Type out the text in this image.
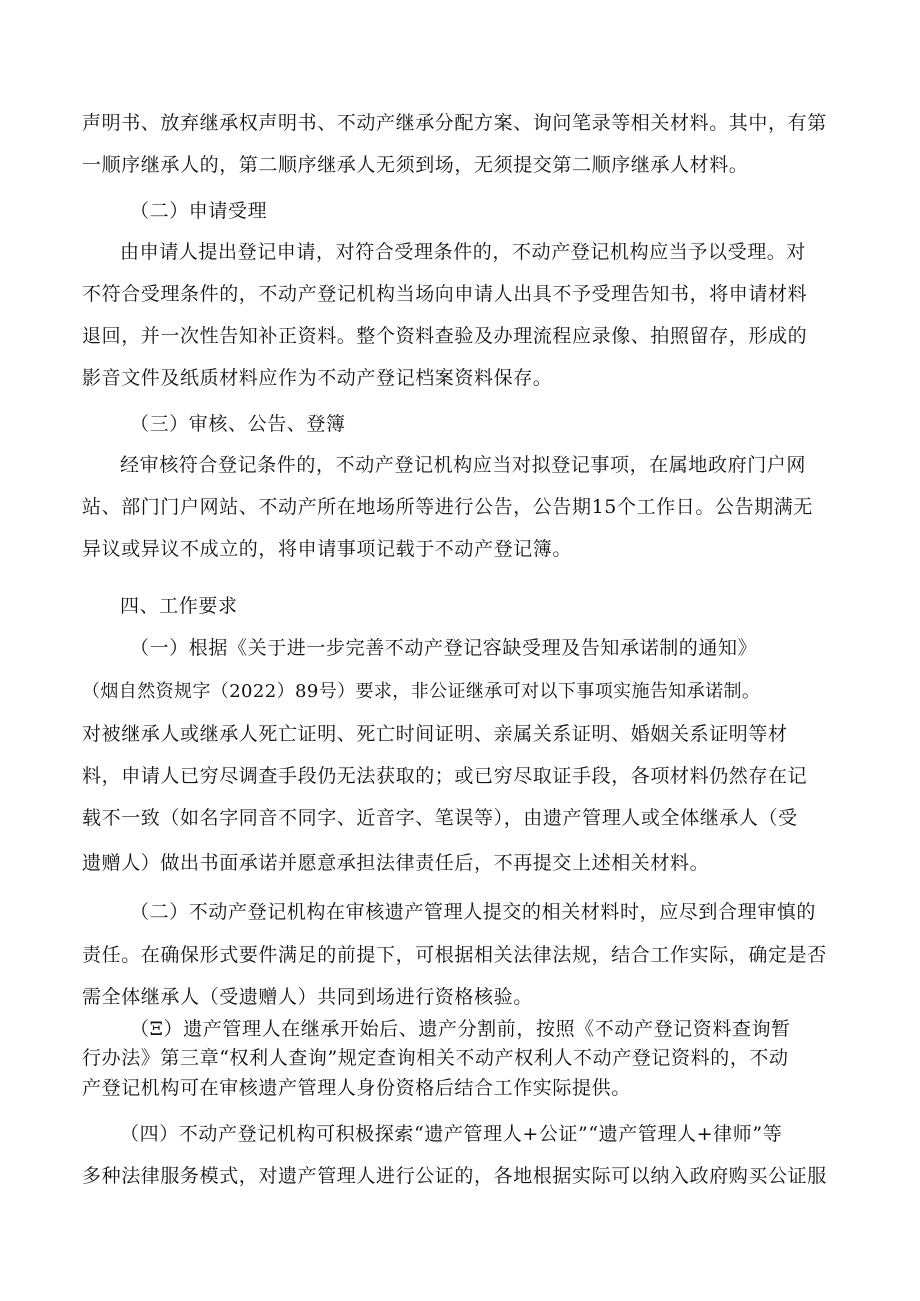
声明书、放弃继承权声明书、不动产继承分配方案、询问笔录等相关材料。其中，有第

一顺序继承人的，第二顺序继承人无须到场，无须提交第二顺序继承人材料。

（二）申请受理

由申请人提出登记申请，对符合受理条件的，不动产登记机构应当予以受理。对

不符合受理条件的，不动产登记机构当场向申请人出具不予受理告知书，将申请材料

退回，并一次性告知补正资料。整个资料查验及办理流程应录像、拍照留存，形成的

影音文件及纸质材料应作为不动产登记档案资料保存。

（三）审核、公告、登簿

经审核符合登记条件的，不动产登记机构应当对拟登记事项，在属地政府门户网

站、部门门户网站、不动产所在地场所等进行公告，公告期15个工作日。公告期满无

异议或异议不成立的，将申请事项记载于不动产登记簿。

四、工作要求

（一）根据《关于进一步完善不动产登记容缺受理及告知承诺制的通知》

（烟自然资规字（2022）89号）要求，非公证继承可对以下事项实施告知承诺制。

对被继承人或继承人死亡证明、死亡时间证明、亲属关系证明、婚姻关系证明等材

料，申请人已穷尽调查手段仍无法获取的；或已穷尽取证手段，各项材料仍然存在记

载不一致（如名字同音不同字、近音字、笔误等），由遗产管理人或全体继承人（受

遗赠人）做出书面承诺并愿意承担法律责任后，不再提交上述相关材料。

（二）不动产登记机构在审核遗产管理人提交的相关材料时，应尽到合理审慎的

责任。在确保形式要件满足的前提下，可根据相关法律法规，结合工作实际，确定是否

需全体继承人（受遗赠人）共同到场进行资格核验。

（Ξ）遗产管理人在继承开始后、遗产分割前，按照《不动产登记资料查询暂

行办法》第三章“权利人查询”规定查询相关不动产权利人不动产登记资料的，不动

产登记机构可在审核遗产管理人身份资格后结合工作实际提供。

（四）不动产登记机构可积极探索“遗产管理人+公证”“遗产管理人+律师”等

多种法律服务模式，对遗产管理人进行公证的，各地根据实际可以纳入政府购买公证服
